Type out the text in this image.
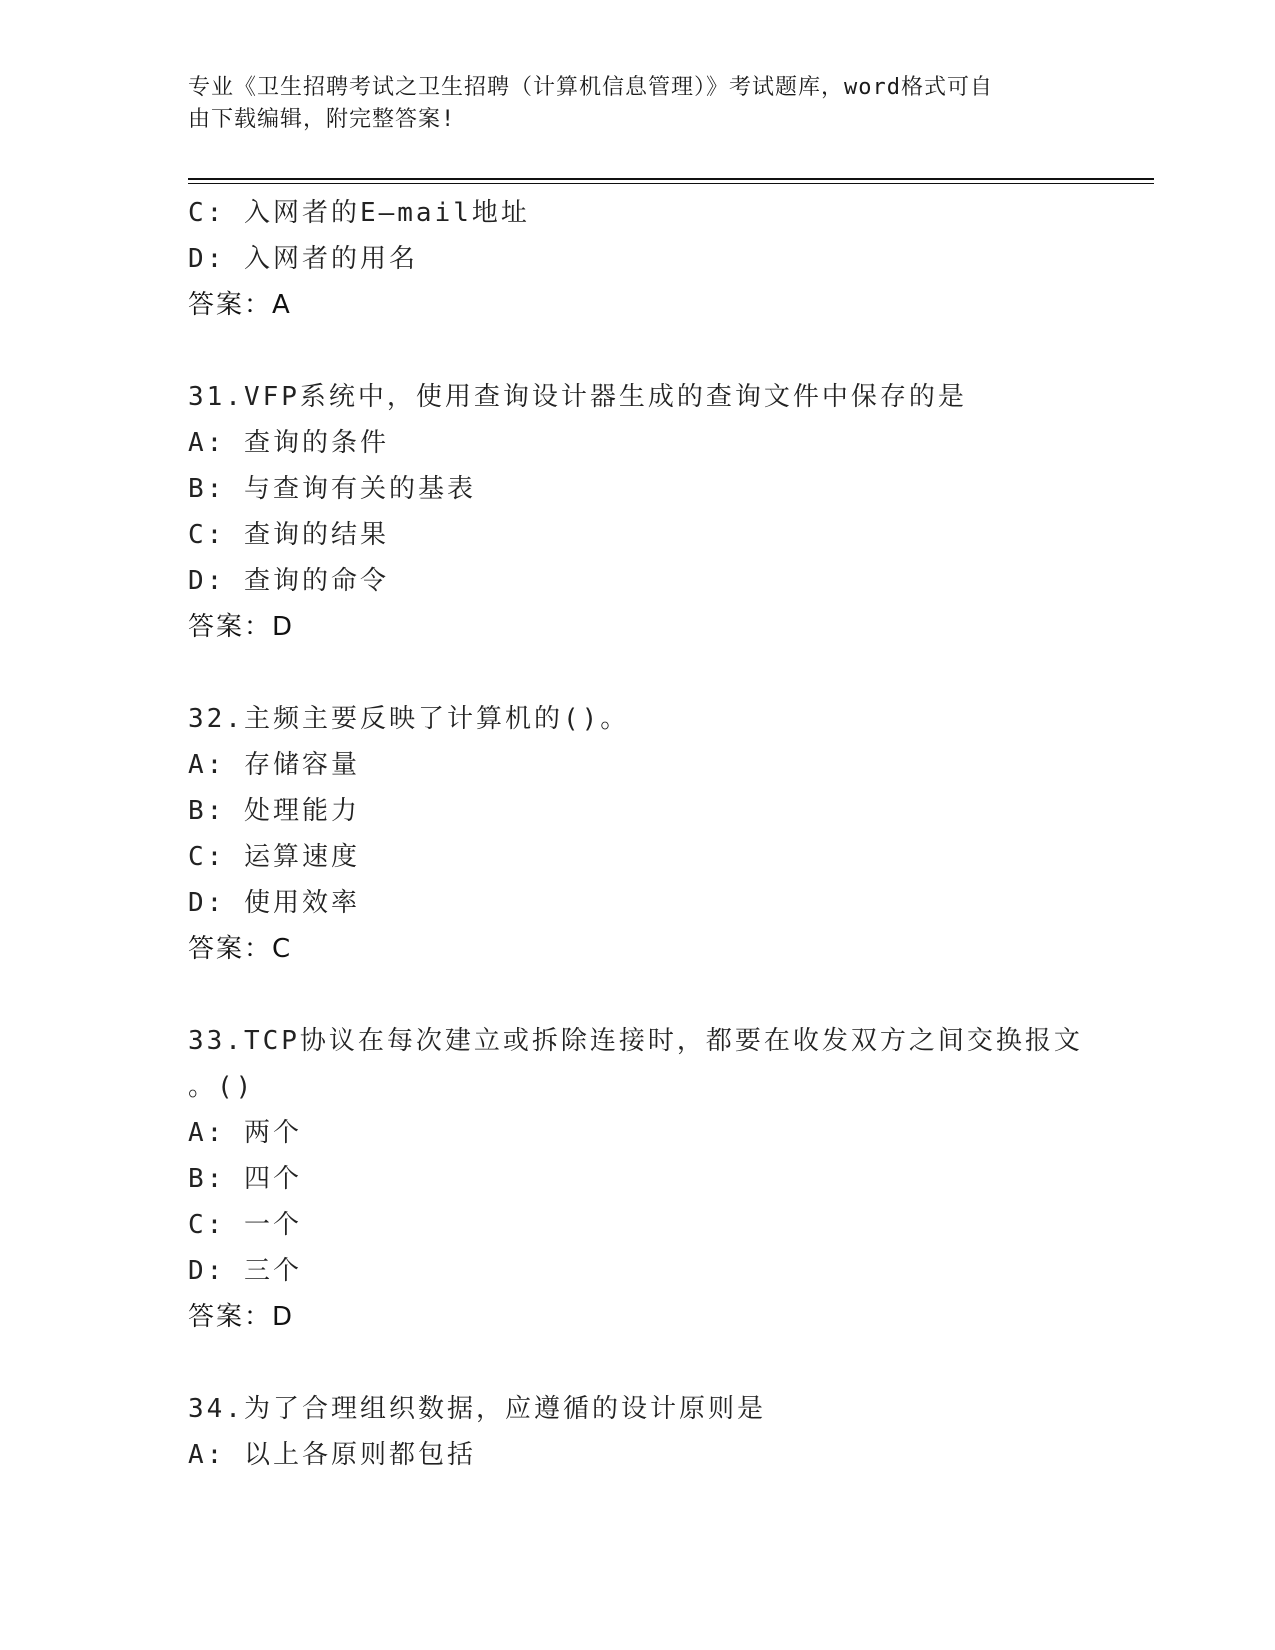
专业《卫生招聘考试之卫生招聘（计算机信息管理）》考试题库，word格式可自
由下载编辑，附完整答案!
C: 入网者的E—mail地址
D: 入网者的用名
答案：A
31.VFP系统中，使用查询设计器生成的查询文件中保存的是
A: 查询的条件
B: 与查询有关的基表
C: 查询的结果
D: 查询的命令
答案：D
32.主频主要反映了计算机的()。
A: 存储容量
B: 处理能力
C: 运算速度
D: 使用效率
答案：C
33.TCP协议在每次建立或拆除连接时，都要在收发双方之间交换报文
。()
A: 两个
B: 四个
C: 一个
D: 三个
答案：D
34.为了合理组织数据，应遵循的设计原则是
A: 以上各原则都包括
